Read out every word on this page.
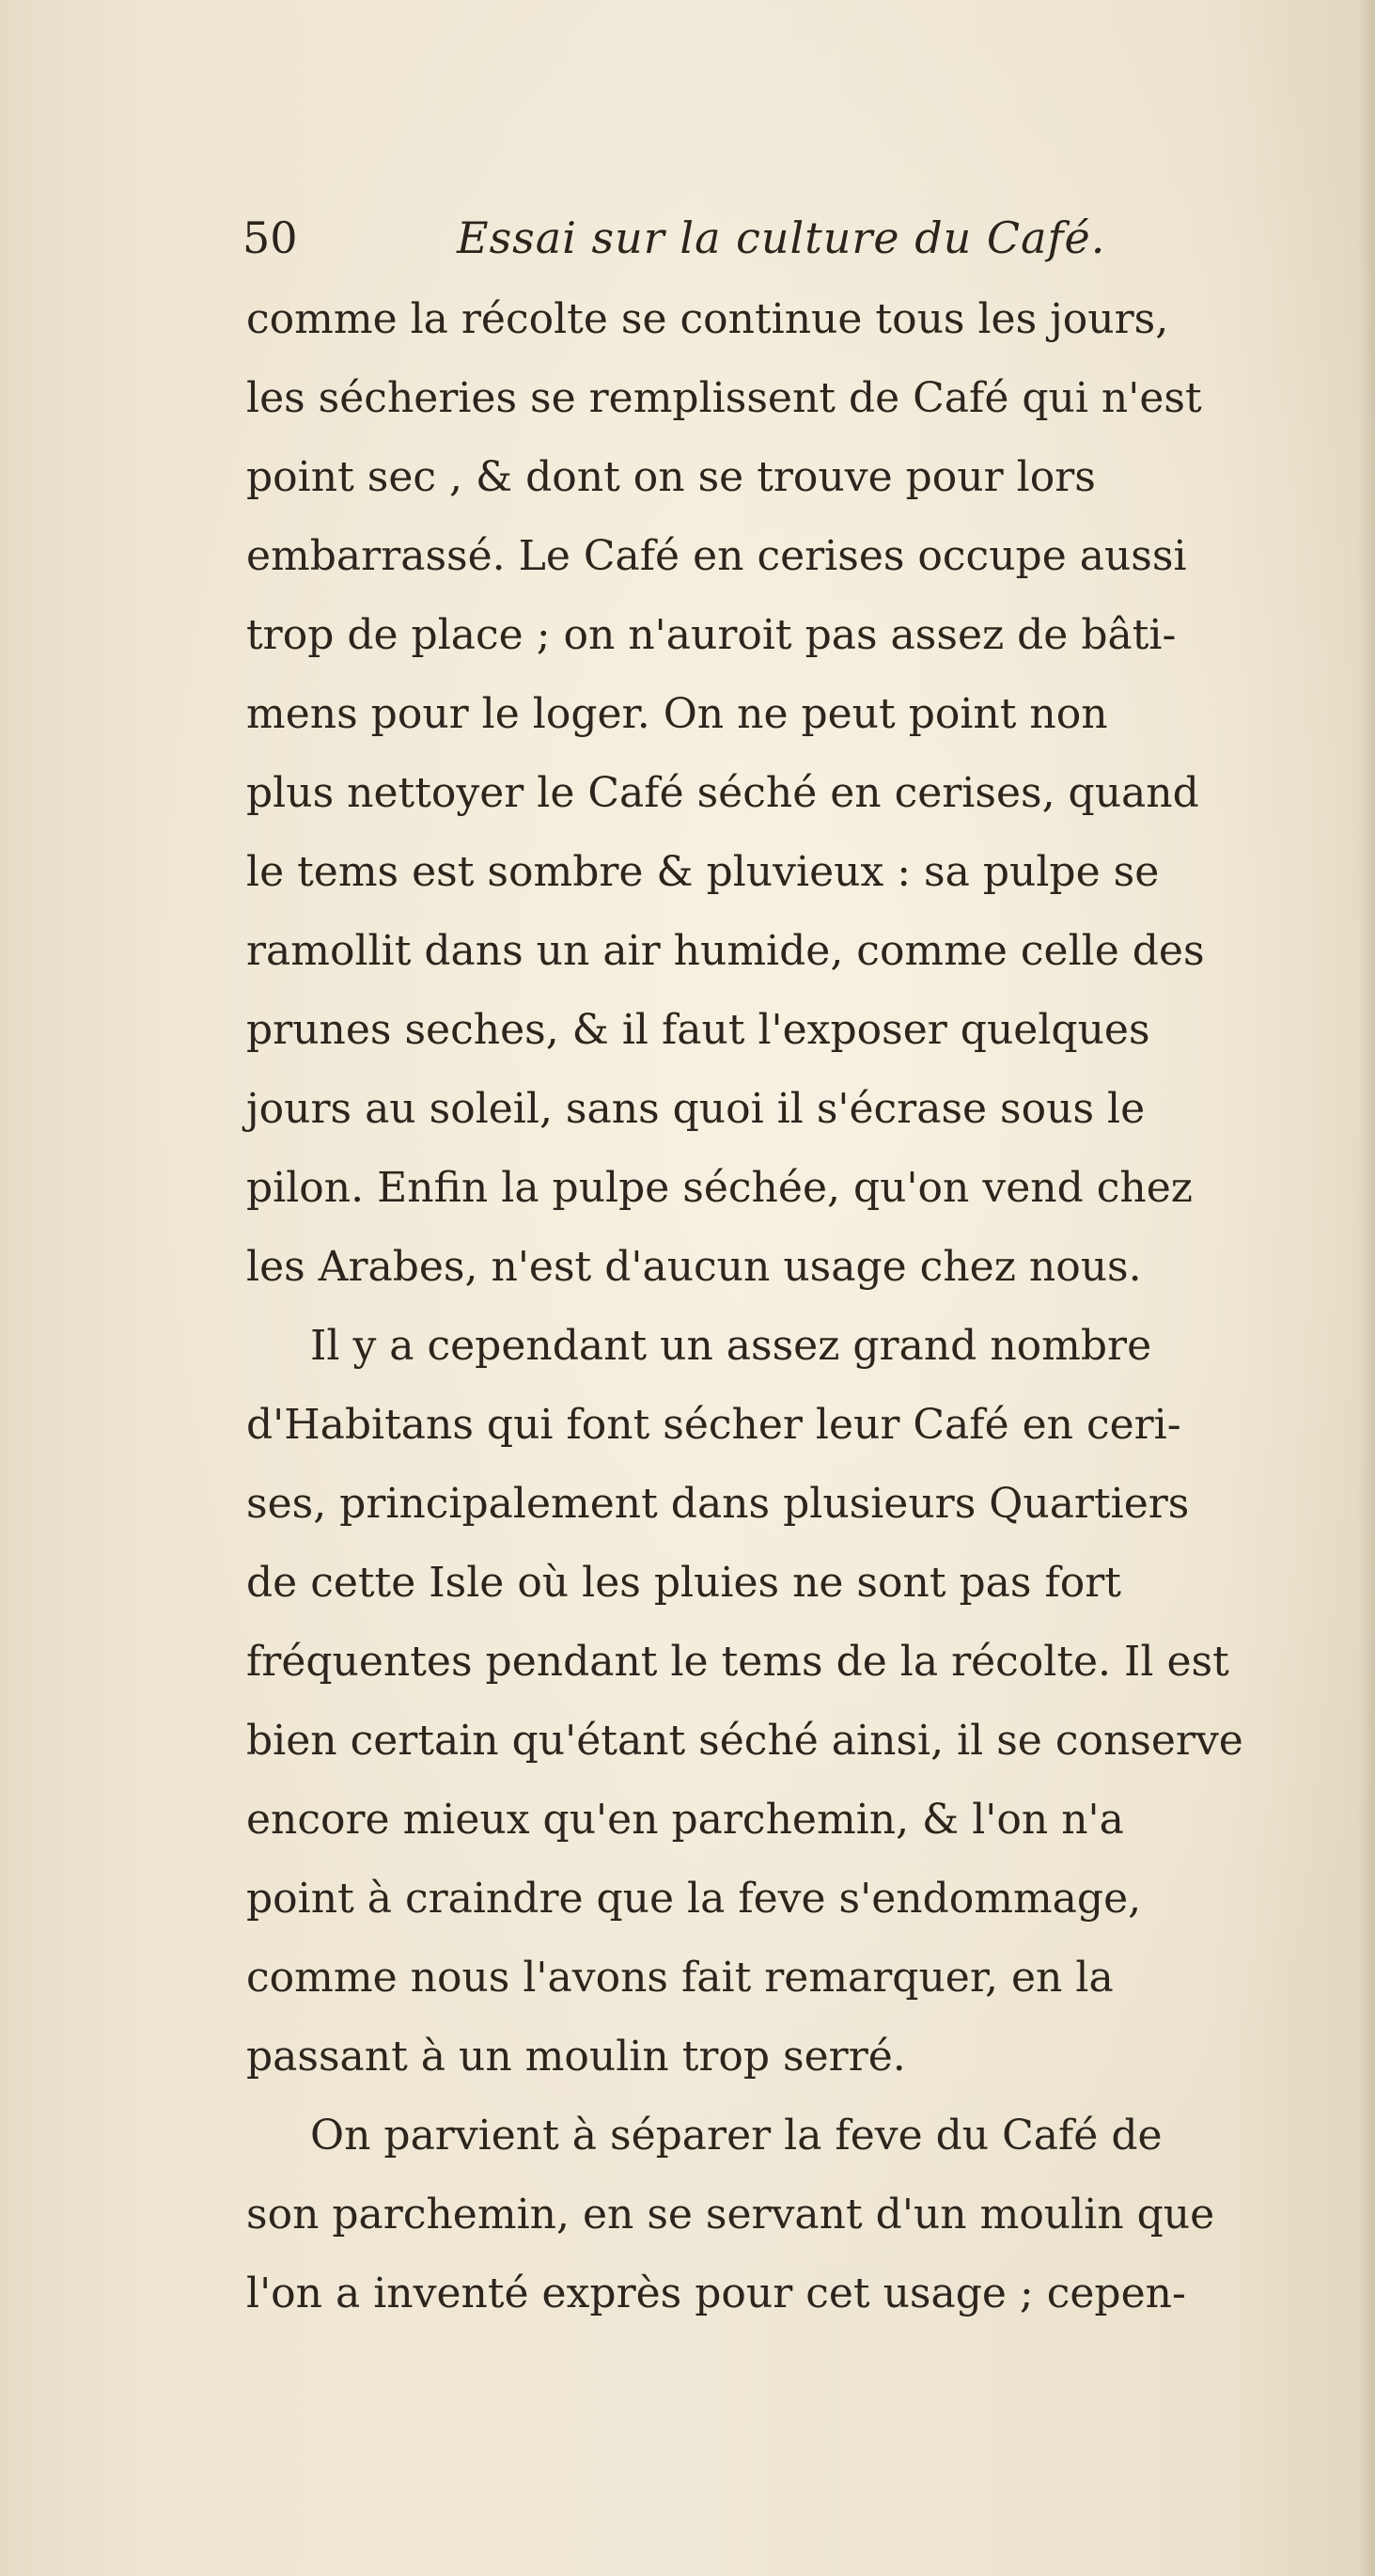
50	Essai sur la culture du Café.
comme la récolte se continue tous les jours,
les sécheries se remplissent de Café qui n'est
point sec , & dont on se trouve pour lors
embarrassé. Le Café en cerises occupe aussi
trop de place ; on n'auroit pas assez de bâti-
mens pour le loger. On ne peut point non
plus nettoyer le Café séché en cerises, quand
le tems est sombre & pluvieux : sa pulpe se
ramollit dans un air humide, comme celle des
prunes seches, & il faut l'exposer quelques
jours au soleil, sans quoi il s'écrase sous le
pilon. Enfin la pulpe séchée, qu'on vend chez
les Arabes, n'est d'aucun usage chez nous.
Il y a cependant un assez grand nombre
d'Habitans qui font sécher leur Café en ceri-
ses, principalement dans plusieurs Quartiers
de cette Isle où les pluies ne sont pas fort
fréquentes pendant le tems de la récolte. Il est
bien certain qu'étant séché ainsi, il se conserve
encore mieux qu'en parchemin, & l'on n'a
point à craindre que la feve s'endommage,
comme nous l'avons fait remarquer, en la
passant à un moulin trop serré.
On parvient à séparer la feve du Café de
son parchemin, en se servant d'un moulin que
l'on a inventé exprès pour cet usage ; cepen-
